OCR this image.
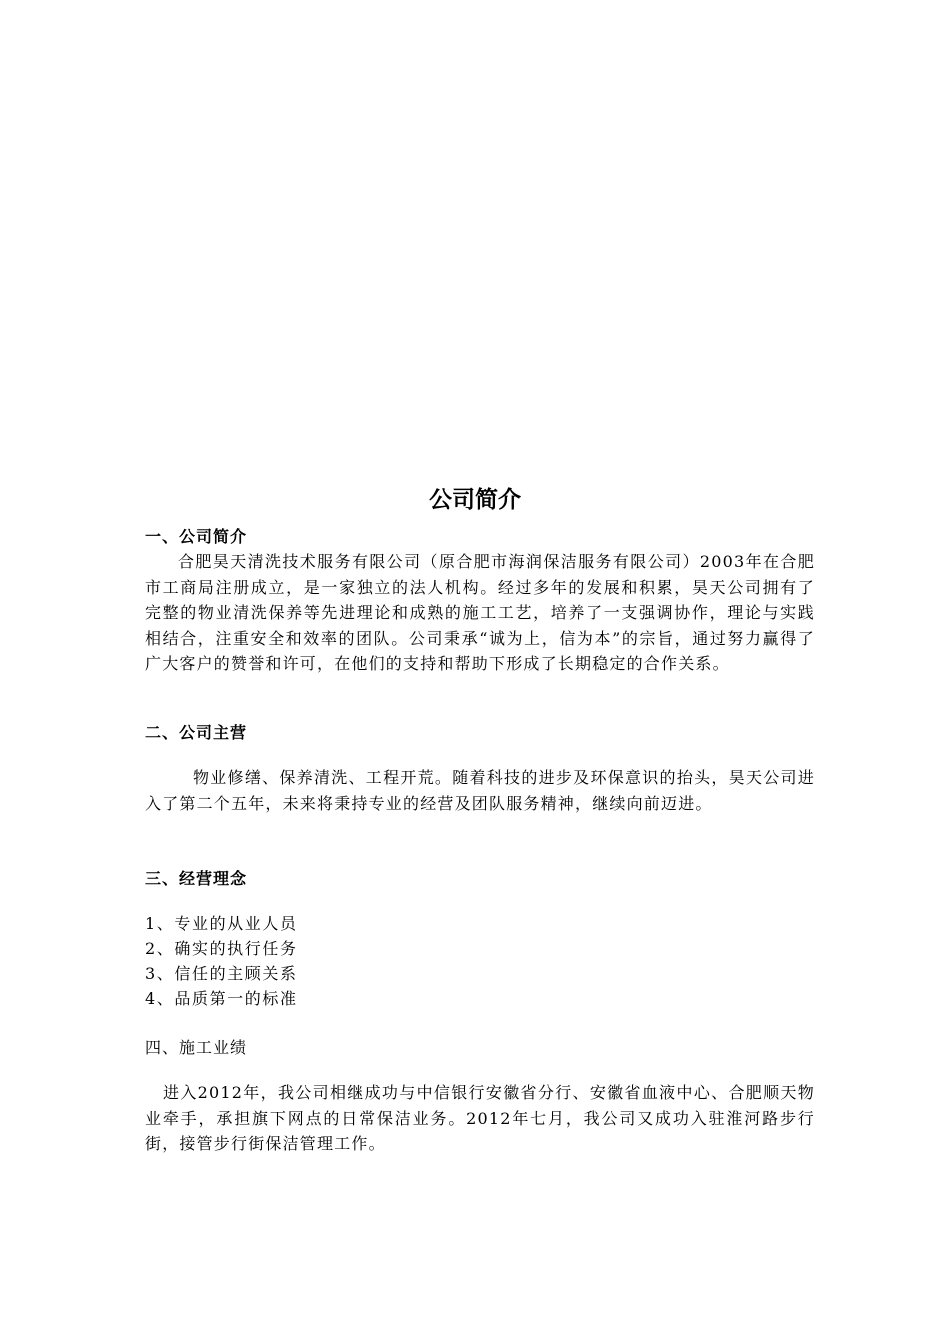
公司简介

一、公司简介

合肥昊天清洗技术服务有限公司（原合肥市海润保洁服务有限公司）2003年在合肥市工商局注册成立，是一家独立的法人机构。经过多年的发展和积累，昊天公司拥有了完整的物业清洗保养等先进理论和成熟的施工工艺，培养了一支强调协作，理论与实践相结合，注重安全和效率的团队。公司秉承“诚为上，信为本”的宗旨，通过努力赢得了广大客户的赞誉和许可，在他们的支持和帮助下形成了长期稳定的合作关系。

二、公司主营

物业修缮、保养清洗、工程开荒。随着科技的进步及环保意识的抬头，昊天公司进入了第二个五年，未来将秉持专业的经营及团队服务精神，继续向前迈进。

三、经营理念

1、专业的从业人员

2、确实的执行任务

3、信任的主顾关系

4、品质第一的标准

四、施工业绩

进入2012年，我公司相继成功与中信银行安徽省分行、安徽省血液中心、合肥顺天物业牵手，承担旗下网点的日常保洁业务。2012年七月，我公司又成功入驻淮河路步行街，接管步行街保洁管理工作。
